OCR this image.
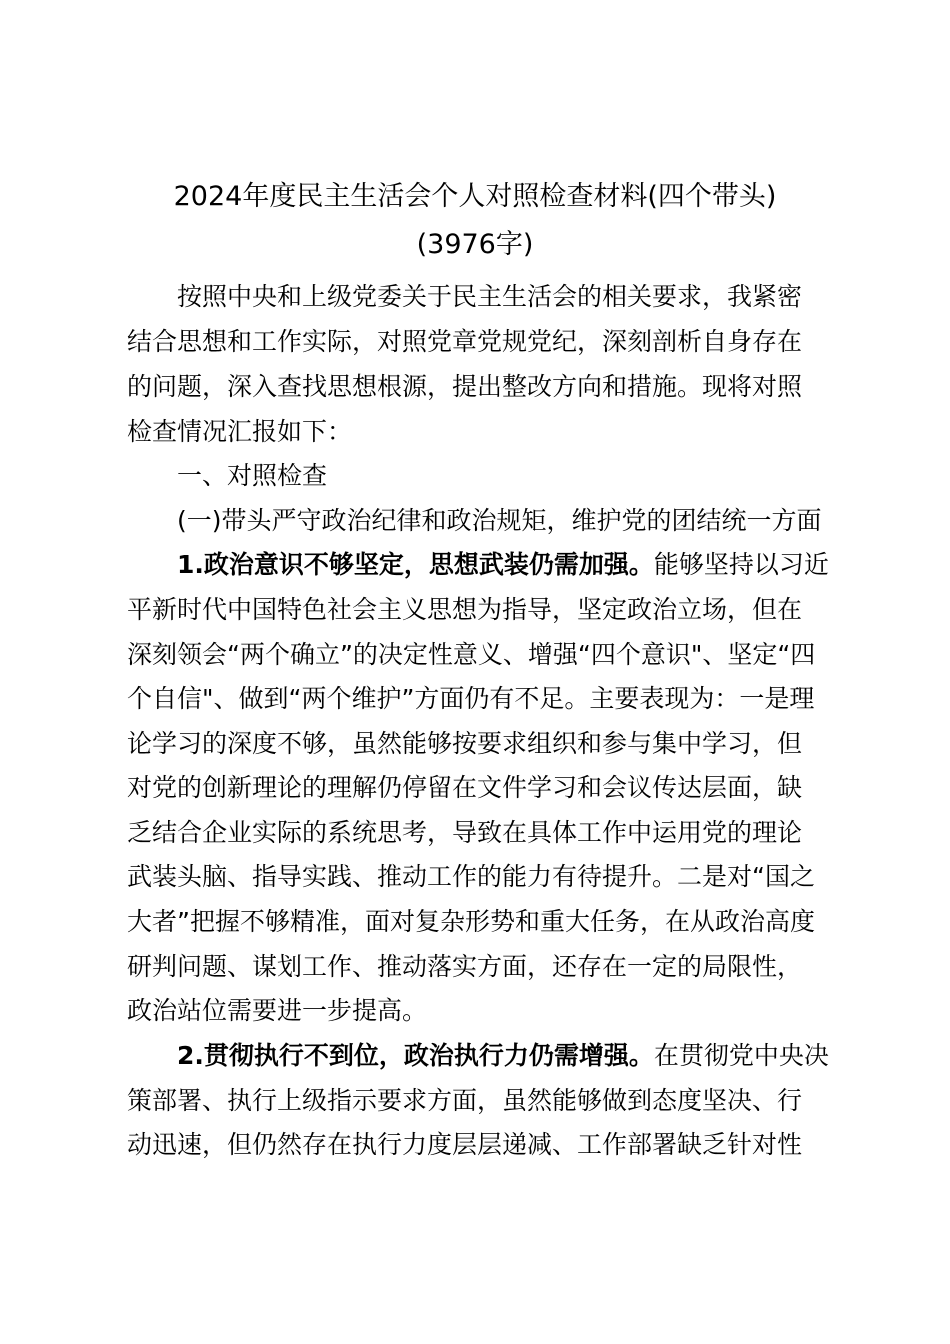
2024年度民主生活会个人对照检查材料(四个带头)
(3976字)
按照中央和上级党委关于民主生活会的相关要求，我紧密
结合思想和工作实际，对照党章党规党纪，深刻剖析自身存在
的问题，深入查找思想根源，提出整改方向和措施。现将对照
检查情况汇报如下：
一、对照检查
(一)带头严守政治纪律和政治规矩，维护党的团结统一方面
1.政治意识不够坚定，思想武装仍需加强。能够坚持以习近
平新时代中国特色社会主义思想为指导，坚定政治立场，但在
深刻领会“两个确立”的决定性意义、增强“四个意识"、坚定“四
个自信"、做到“两个维护”方面仍有不足。主要表现为：一是理
论学习的深度不够，虽然能够按要求组织和参与集中学习，但
对党的创新理论的理解仍停留在文件学习和会议传达层面，缺
乏结合企业实际的系统思考，导致在具体工作中运用党的理论
武装头脑、指导实践、推动工作的能力有待提升。二是对“国之
大者”把握不够精准，面对复杂形势和重大任务，在从政治高度
研判问题、谋划工作、推动落实方面，还存在一定的局限性，
政治站位需要进一步提高。
2.贯彻执行不到位，政治执行力仍需增强。在贯彻党中央决
策部署、执行上级指示要求方面，虽然能够做到态度坚决、行
动迅速，但仍然存在执行力度层层递减、工作部署缺乏针对性
